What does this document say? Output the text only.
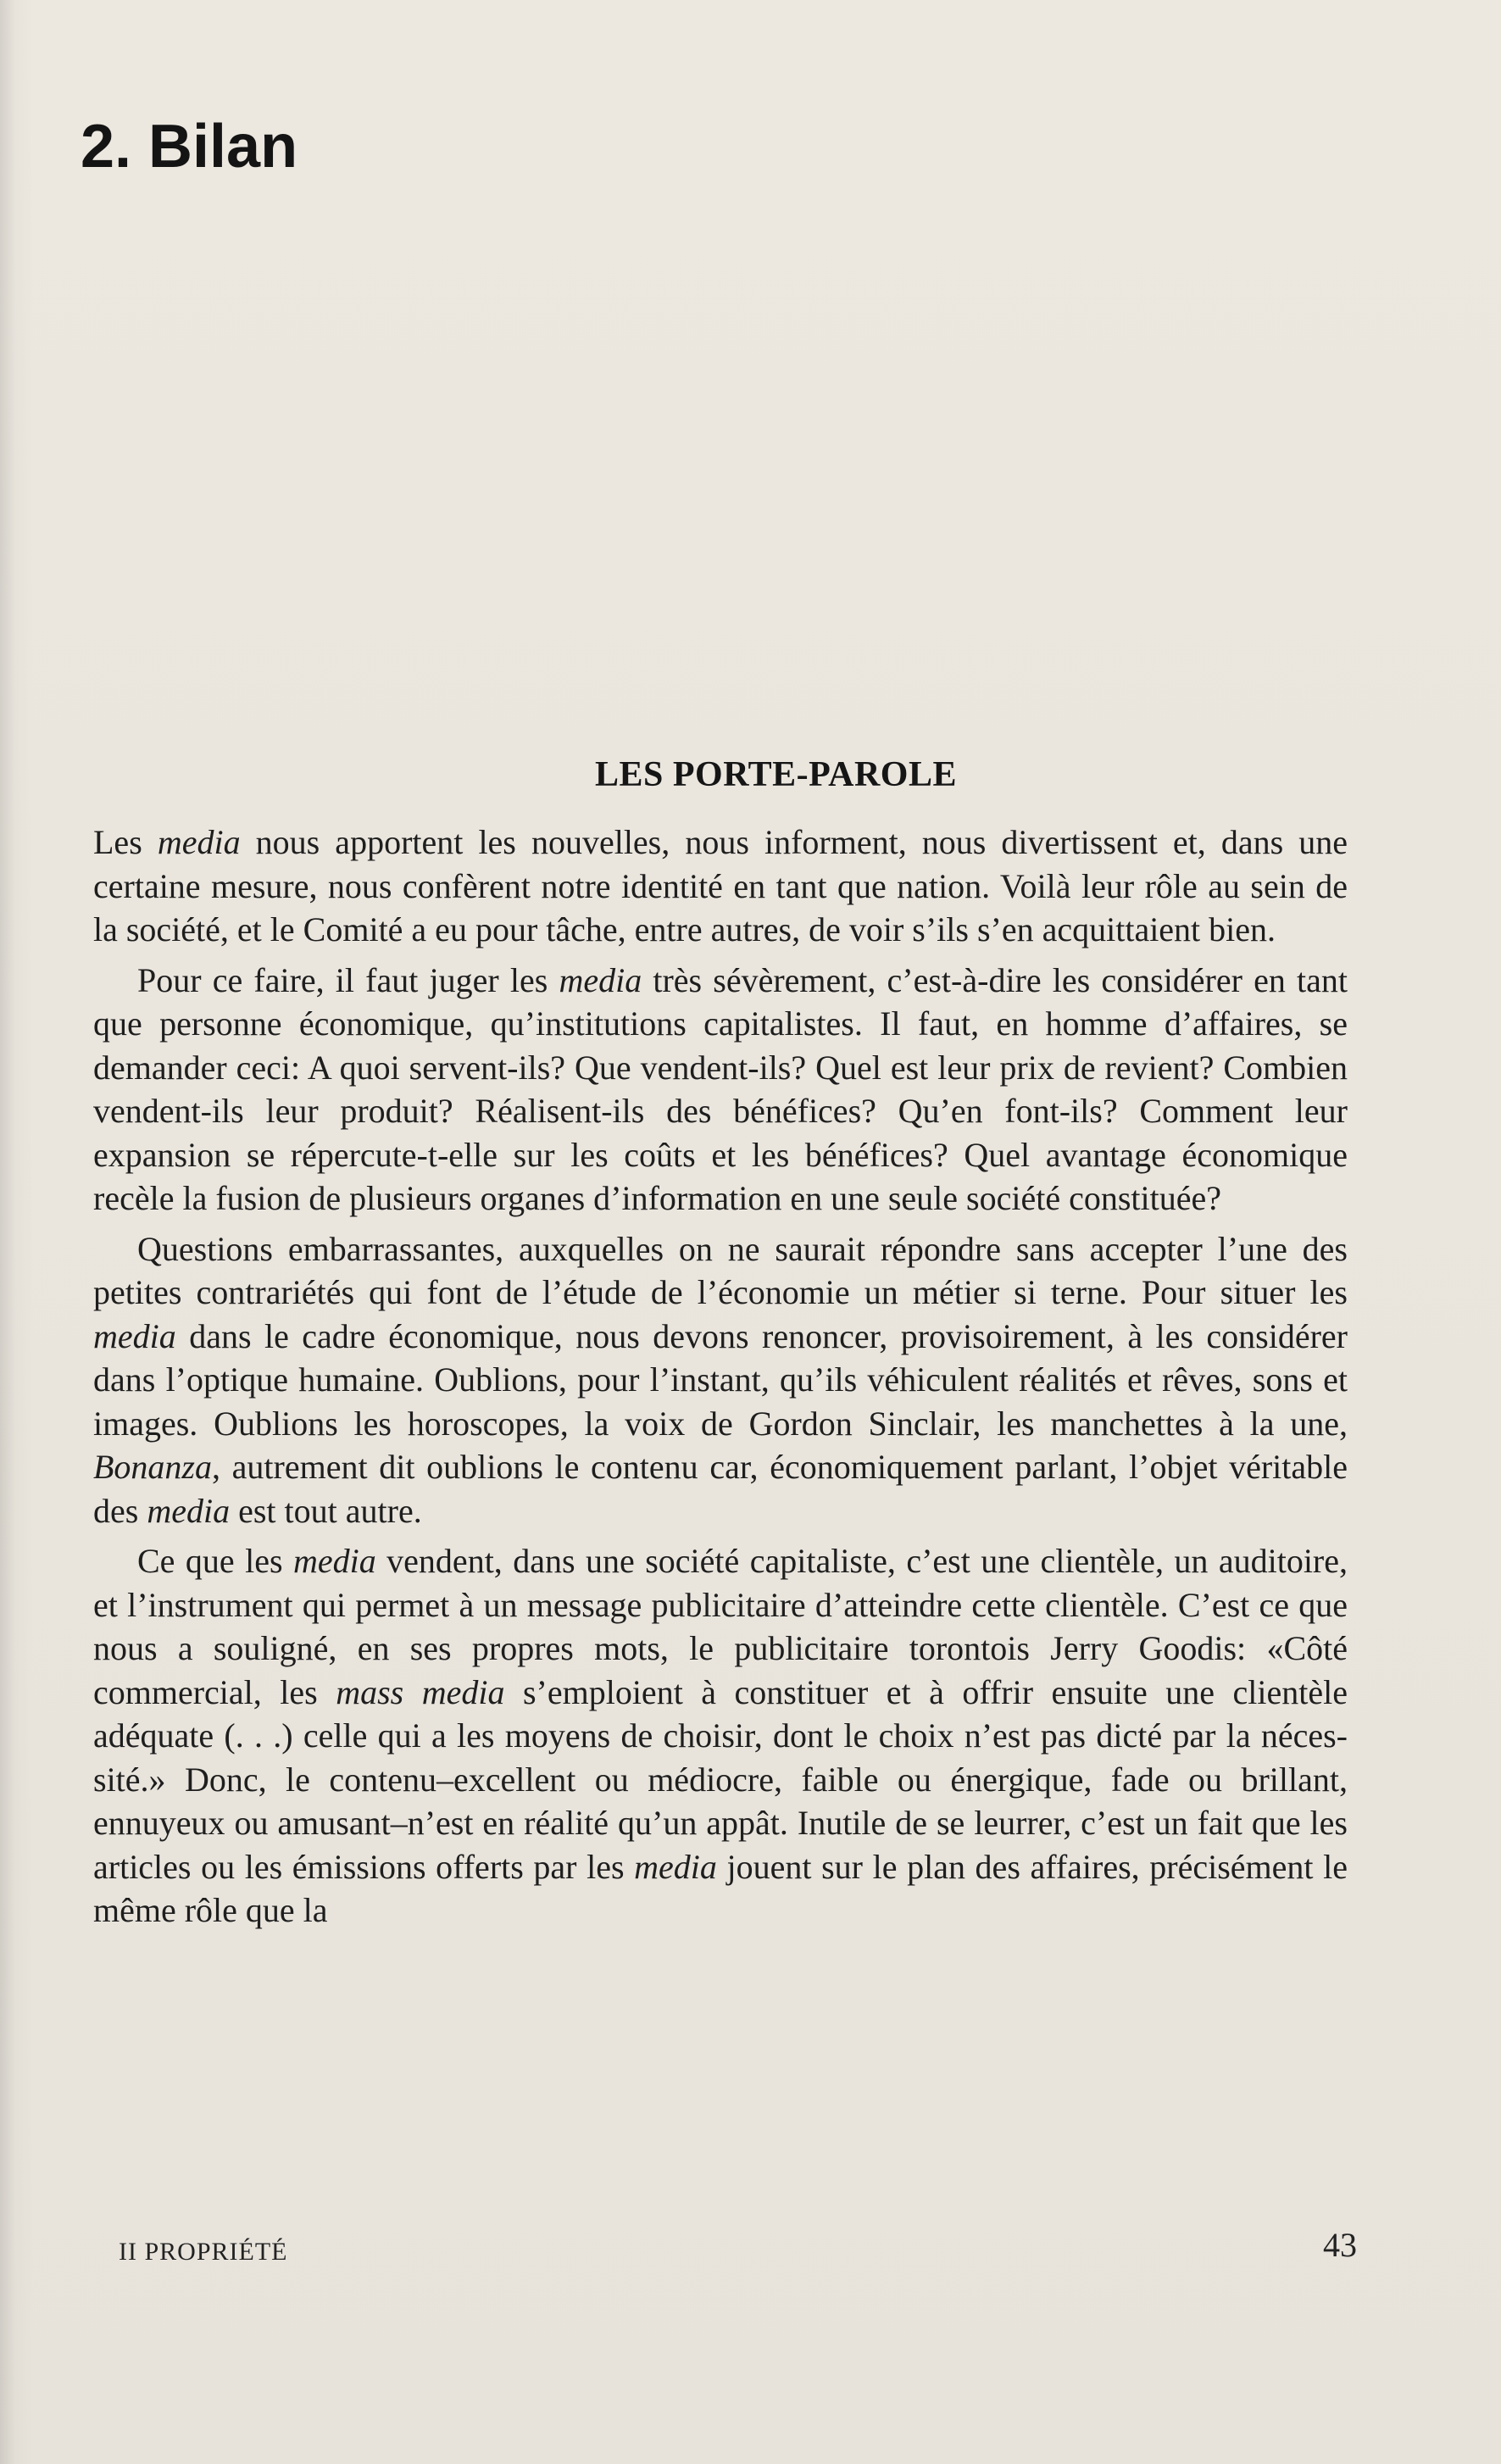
2. Bilan
LES PORTE-PAROLE

Les media nous apportent les nouvelles, nous informent, nous divertissent et, dans une certaine mesure, nous confèrent notre identité en tant que nation. Voilà leur rôle au sein de la société, et le Comité a eu pour tâche, entre autres, de voir s’ils s’en acquittaient bien.

Pour ce faire, il faut juger les media très sévèrement, c’est-à-dire les considérer en tant que personne économique, qu’institutions capitalistes. Il faut, en homme d’affaires, se demander ceci: A quoi servent-ils? Que vendent-ils? Quel est leur prix de revient? Combien vendent-ils leur produit? Réalisent-ils des bénéfices? Qu’en font-ils? Comment leur expansion se répercute-t-elle sur les coûts et les bénéfices? Quel avantage économique recèle la fusion de plusieurs organes d’information en une seule société constituée?

Questions embarrassantes, auxquelles on ne saurait répondre sans accepter l’une des petites contrariétés qui font de l’étude de l’économie un métier si terne. Pour situer les media dans le cadre économique, nous devons renoncer, provisoirement, à les considérer dans l’optique humaine. Oublions, pour l’instant, qu’ils véhiculent réalités et rêves, sons et images. Oublions les horoscopes, la voix de Gordon Sinclair, les manchettes à la une, Bonanza, autrement dit oublions le contenu car, économiquement parlant, l’objet véritable des media est tout autre.

Ce que les media vendent, dans une société capitaliste, c’est une clientèle, un auditoire, et l’instrument qui permet à un message publicitaire d’atteindre cette clientèle. C’est ce que nous a souligné, en ses propres mots, le publicitaire torontois Jerry Goodis: «Côté commercial, les mass media s’emploient à constituer et à offrir ensuite une clientèle adéquate (. . .) celle qui a les moyens de choisir, dont le choix n’est pas dicté par la nécessité.» Donc, le contenu–excellent ou médiocre, faible ou énergique, fade ou brillant, ennuyeux ou amusant–n’est en réalité qu’un appât. Inutile de se leurrer, c’est un fait que les articles ou les émissions offerts par les media jouent sur le plan des affaires, précisément le même rôle que la

II PROPRIÉTÉ	43
